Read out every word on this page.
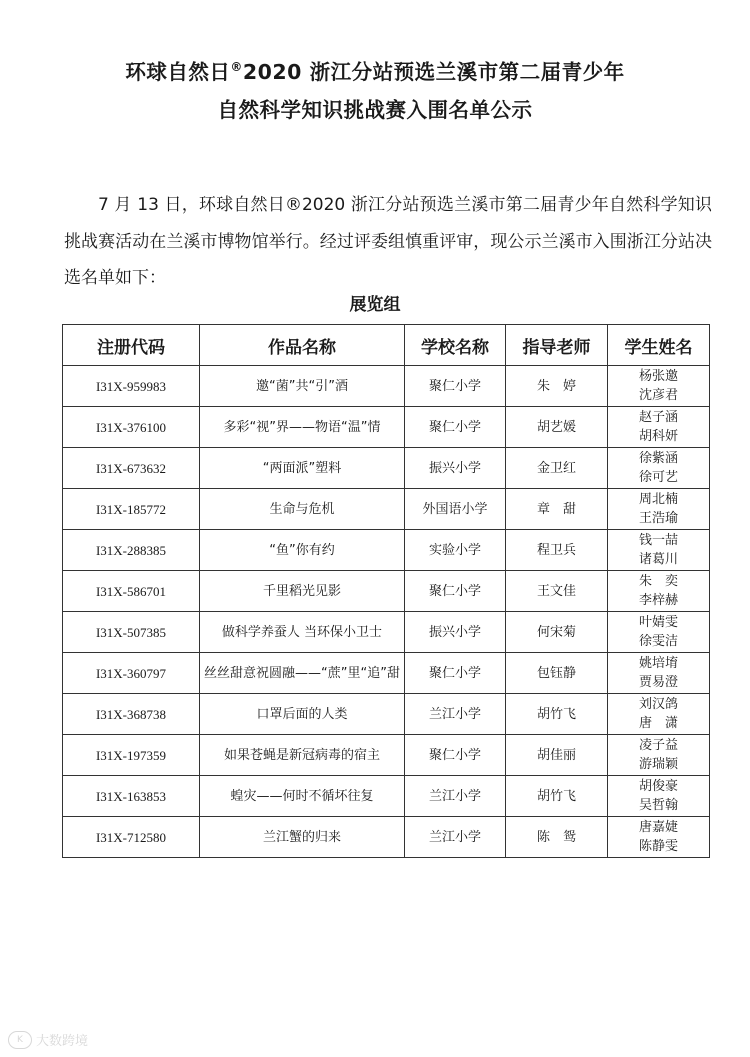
环球自然日®2020 浙江分站预选兰溪市第二届青少年
自然科学知识挑战赛入围名单公示

7 月 13 日，环球自然日®2020 浙江分站预选兰溪市第二届青少年自然科学知识挑战赛活动在兰溪市博物馆举行。经过评委组慎重评审，现公示兰溪市入围浙江分站决选名单如下：

展览组
注册代码	作品名称	学校名称	指导老师	学生姓名
I31X-959983	邀“菌”共“引”酒	聚仁小学	朱　婷	杨张邀
沈彦君

I31X-376100	多彩“视”界——物语“温”情	聚仁小学	胡艺媛	赵子涵
胡科妍

I31X-673632	“两面派”塑料	振兴小学	金卫红	徐紫涵
徐可艺

I31X-185772	生命与危机	外国语小学	章　甜	周北楠
王浩瑜

I31X-288385	“鱼”你有约	实验小学	程卫兵	钱一喆
诸葛川

I31X-586701	千里稻光见影	聚仁小学	王文佳	朱　奕
李梓赫

I31X-507385	做科学养蚕人 当环保小卫士	振兴小学	何宋菊	叶婧雯
徐雯洁

I31X-360797	丝丝甜意祝圆融——“蔗”里“追”甜	聚仁小学	包钰静	姚培堉
贾易澄

I31X-368738	口罩后面的人类	兰江小学	胡竹飞	刘汉鸽
唐　潇

I31X-197359	如果苍蝇是新冠病毒的宿主	聚仁小学	胡佳丽	凌子益
游瑞颖

I31X-163853	蝗灾——何时不循坏往复	兰江小学	胡竹飞	胡俊豪
吴哲翰

I31X-712580	兰江蟹的归来	兰江小学	陈　鸳	唐嘉婕
陈静雯
K	大数跨境
